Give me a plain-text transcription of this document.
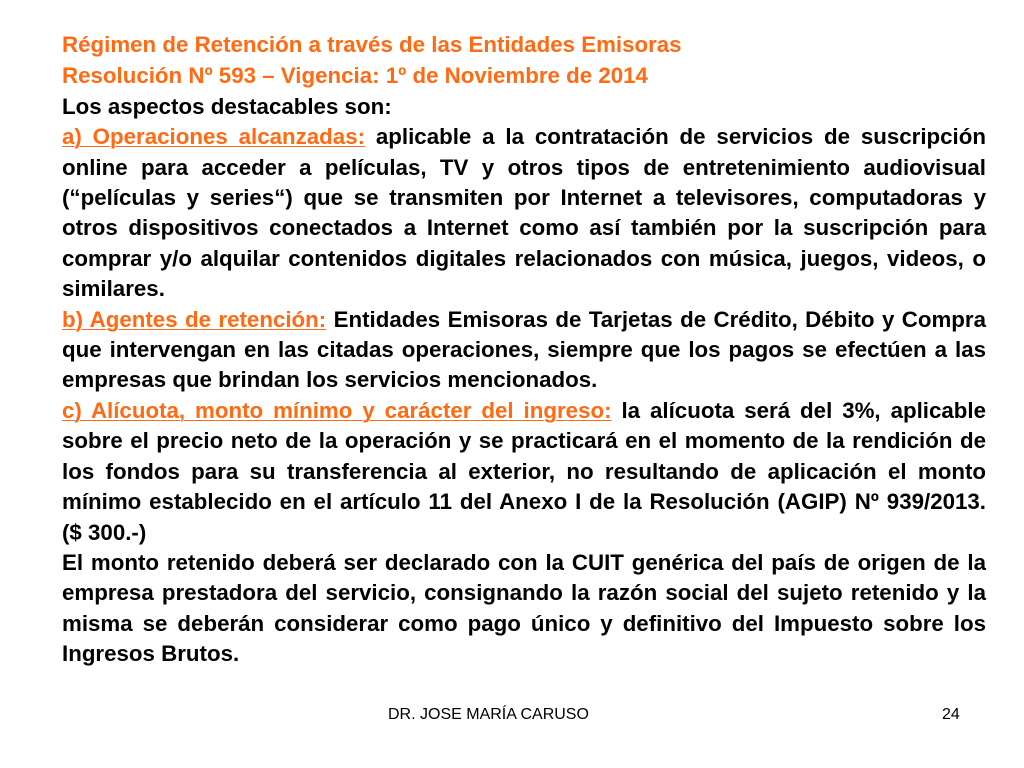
Régimen de Retención a través de las Entidades Emisoras
Resolución Nº 593 – Vigencia: 1º de Noviembre de 2014
Los aspectos destacables son:

a) Operaciones alcanzadas: aplicable a la contratación de servicios de suscripción online para acceder a películas, TV y otros tipos de entretenimiento audiovisual (“películas y series“) que se transmiten por Internet a televisores, computadoras y otros dispositivos conectados a Internet como así también por la suscripción para comprar y/o alquilar contenidos digitales relacionados con música, juegos, videos, o similares.

b) Agentes de retención: Entidades Emisoras de Tarjetas de Crédito, Débito y Compra que intervengan en las citadas operaciones, siempre que los pagos se efectúen a las empresas que brindan los servicios mencionados.

c) Alícuota, monto mínimo y carácter del ingreso: la alícuota será del 3%, aplicable sobre el precio neto de la operación y se practicará en el momento de la rendición de los fondos para su transferencia al exterior, no resultando de aplicación el monto mínimo establecido en el artículo 11 del Anexo I de la Resolución (AGIP) Nº 939/2013. ($ 300.-)

El monto retenido deberá ser declarado con la CUIT genérica del país de origen de la empresa prestadora del servicio, consignando la razón social del sujeto retenido y la misma se deberán considerar como pago único y definitivo del Impuesto sobre los Ingresos Brutos.

DR. JOSE MARÍA CARUSO	24
